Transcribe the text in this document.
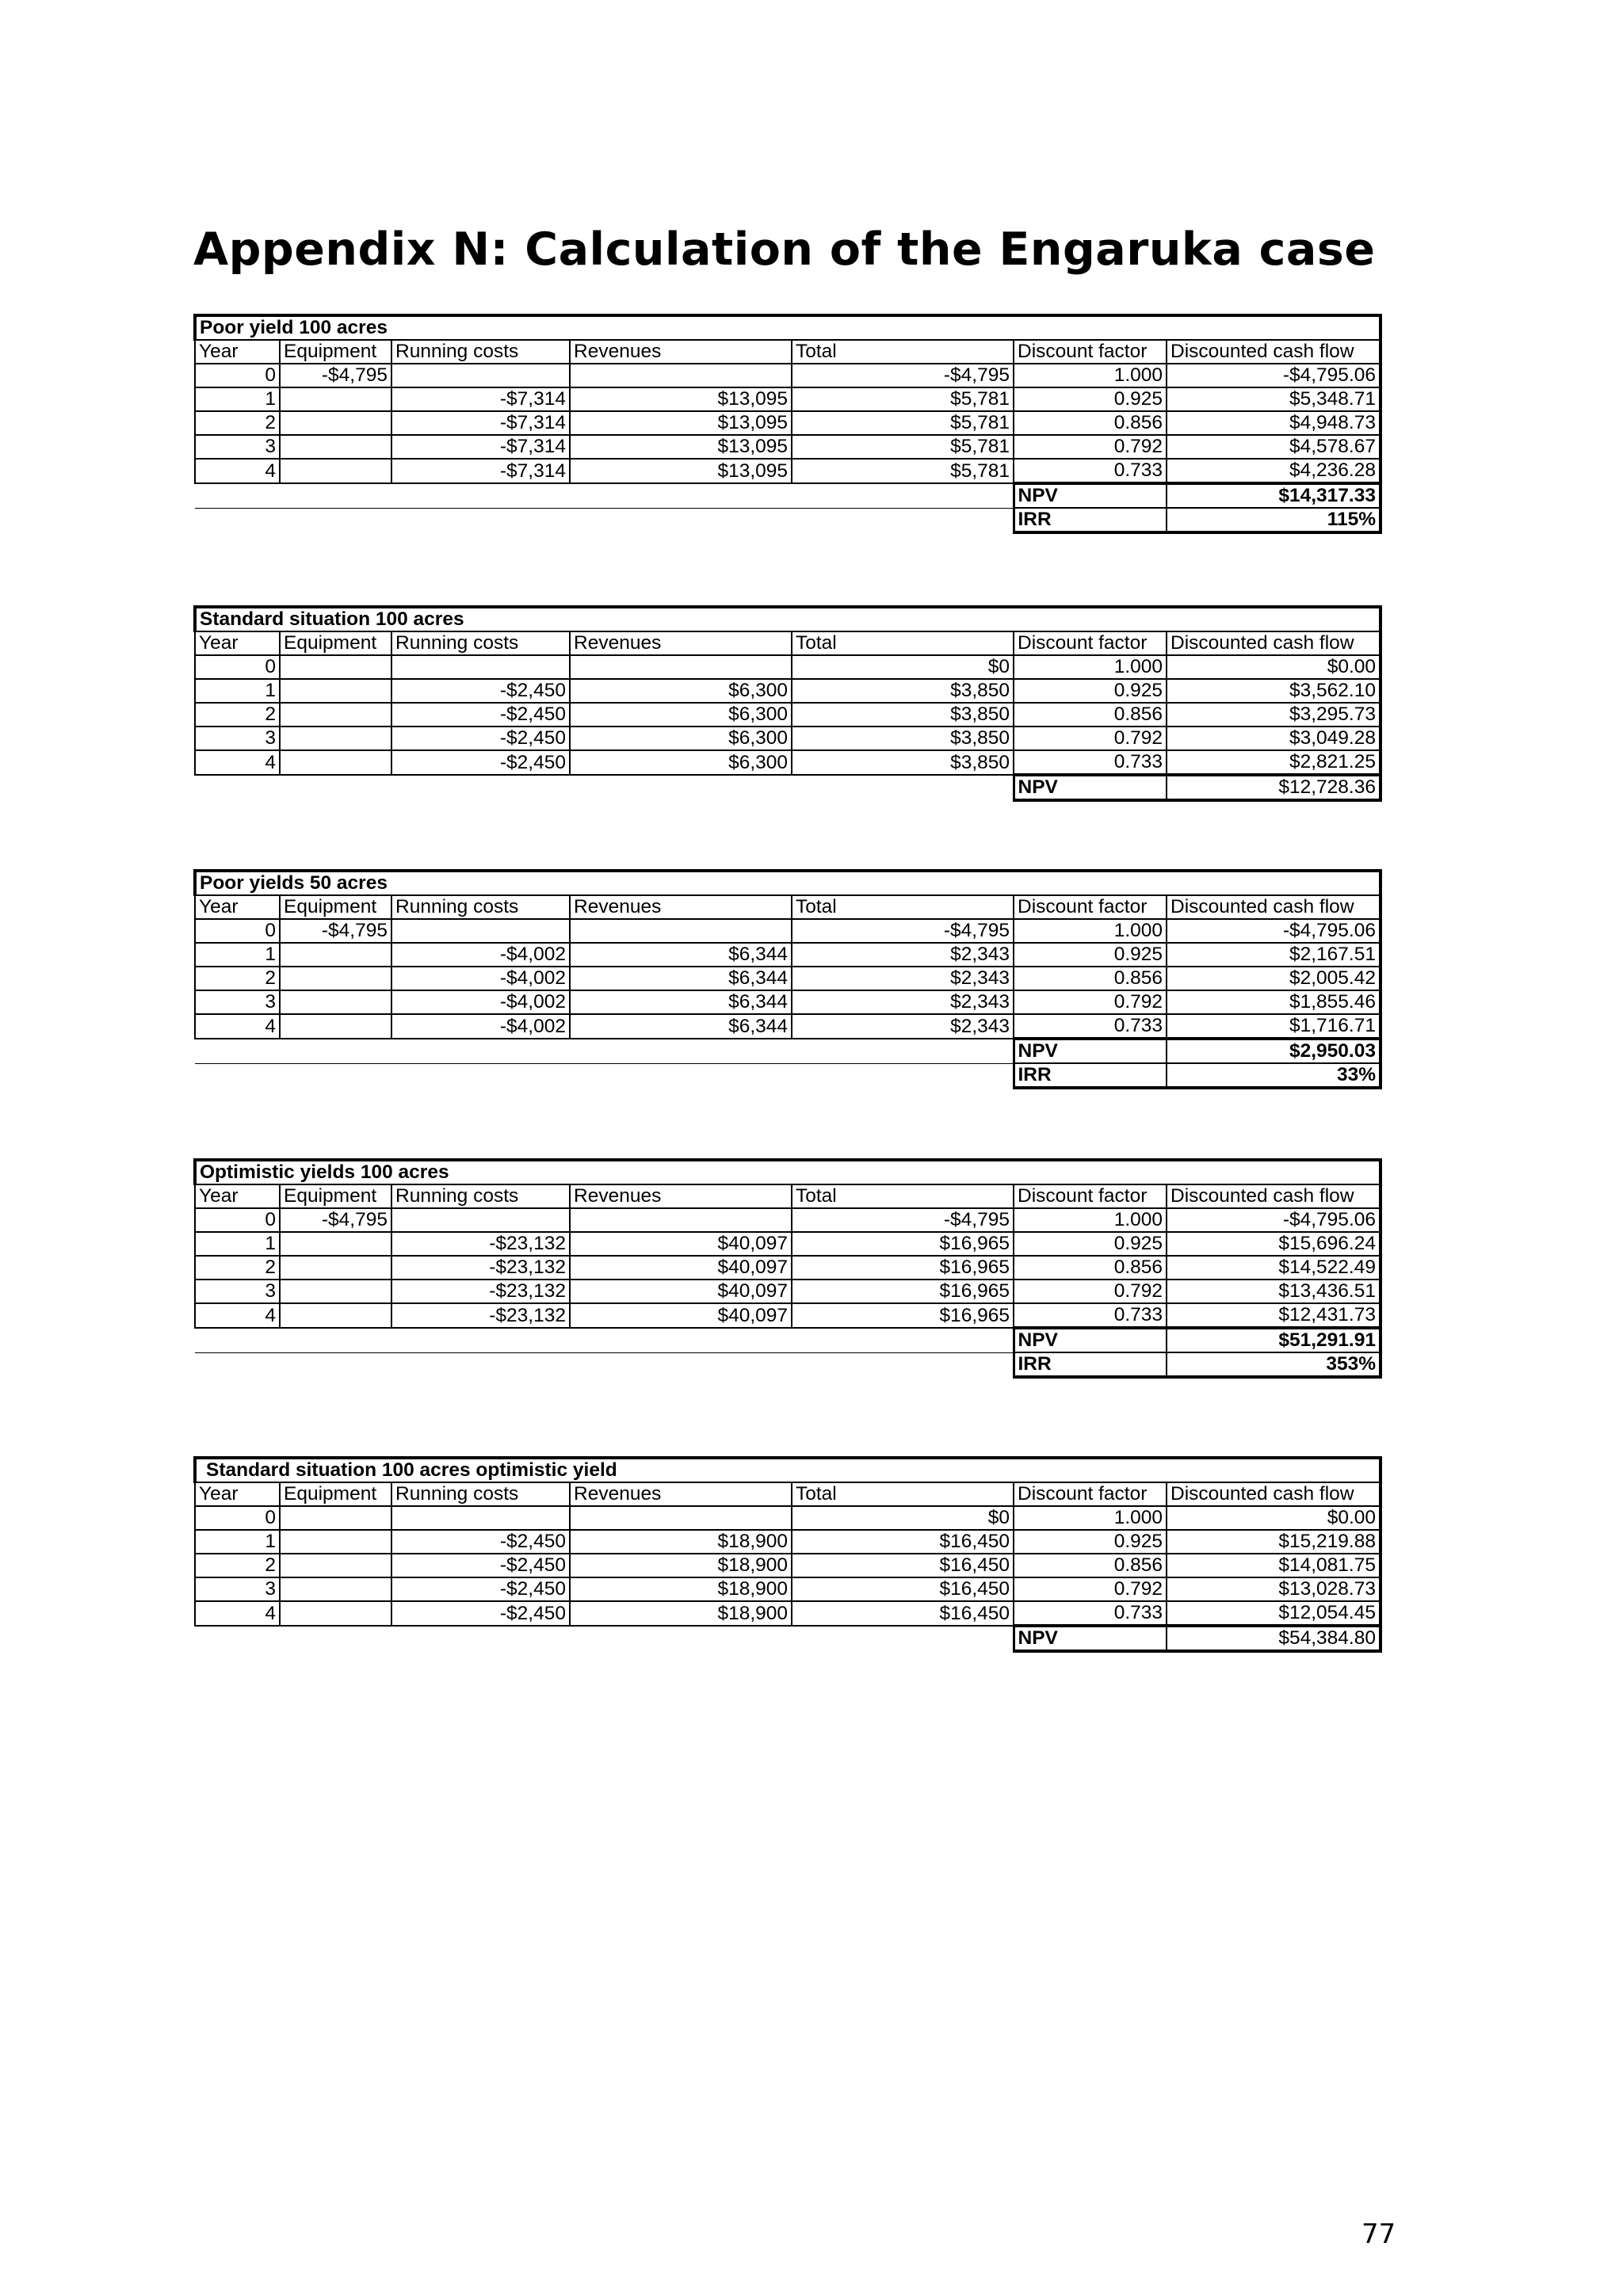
Appendix N: Calculation of the Engaruka case
Poor yield 100 acres						
Year	Equipment	Running costs	Revenues	Total	Discount factor	Discounted cash flow
0	-$4,795			-$4,795	1.000	-$4,795.06
1		-$7,314	$13,095	$5,781	0.925	$5,348.71
2		-$7,314	$13,095	$5,781	0.856	$4,948.73
3		-$7,314	$13,095	$5,781	0.792	$4,578.67
4		-$7,314	$13,095	$5,781	0.733	$4,236.28
					NPV	$14,317.33
					IRR	115%
Standard situation 100 acres						
Year	Equipment	Running costs	Revenues	Total	Discount factor	Discounted cash flow
0				$0	1.000	$0.00
1		-$2,450	$6,300	$3,850	0.925	$3,562.10
2		-$2,450	$6,300	$3,850	0.856	$3,295.73
3		-$2,450	$6,300	$3,850	0.792	$3,049.28
4		-$2,450	$6,300	$3,850	0.733	$2,821.25
					NPV	$12,728.36
Poor yields 50 acres						
Year	Equipment	Running costs	Revenues	Total	Discount factor	Discounted cash flow
0	-$4,795			-$4,795	1.000	-$4,795.06
1		-$4,002	$6,344	$2,343	0.925	$2,167.51
2		-$4,002	$6,344	$2,343	0.856	$2,005.42
3		-$4,002	$6,344	$2,343	0.792	$1,855.46
4		-$4,002	$6,344	$2,343	0.733	$1,716.71
					NPV	$2,950.03
					IRR	33%
Optimistic yields 100 acres						
Year	Equipment	Running costs	Revenues	Total	Discount factor	Discounted cash flow
0	-$4,795			-$4,795	1.000	-$4,795.06
1		-$23,132	$40,097	$16,965	0.925	$15,696.24
2		-$23,132	$40,097	$16,965	0.856	$14,522.49
3		-$23,132	$40,097	$16,965	0.792	$13,436.51
4		-$23,132	$40,097	$16,965	0.733	$12,431.73
					NPV	$51,291.91
					IRR	353%
Standard situation 100 acres optimistic yield						
Year	Equipment	Running costs	Revenues	Total	Discount factor	Discounted cash flow
0				$0	1.000	$0.00
1		-$2,450	$18,900	$16,450	0.925	$15,219.88
2		-$2,450	$18,900	$16,450	0.856	$14,081.75
3		-$2,450	$18,900	$16,450	0.792	$13,028.73
4		-$2,450	$18,900	$16,450	0.733	$12,054.45
					NPV	$54,384.80
77
